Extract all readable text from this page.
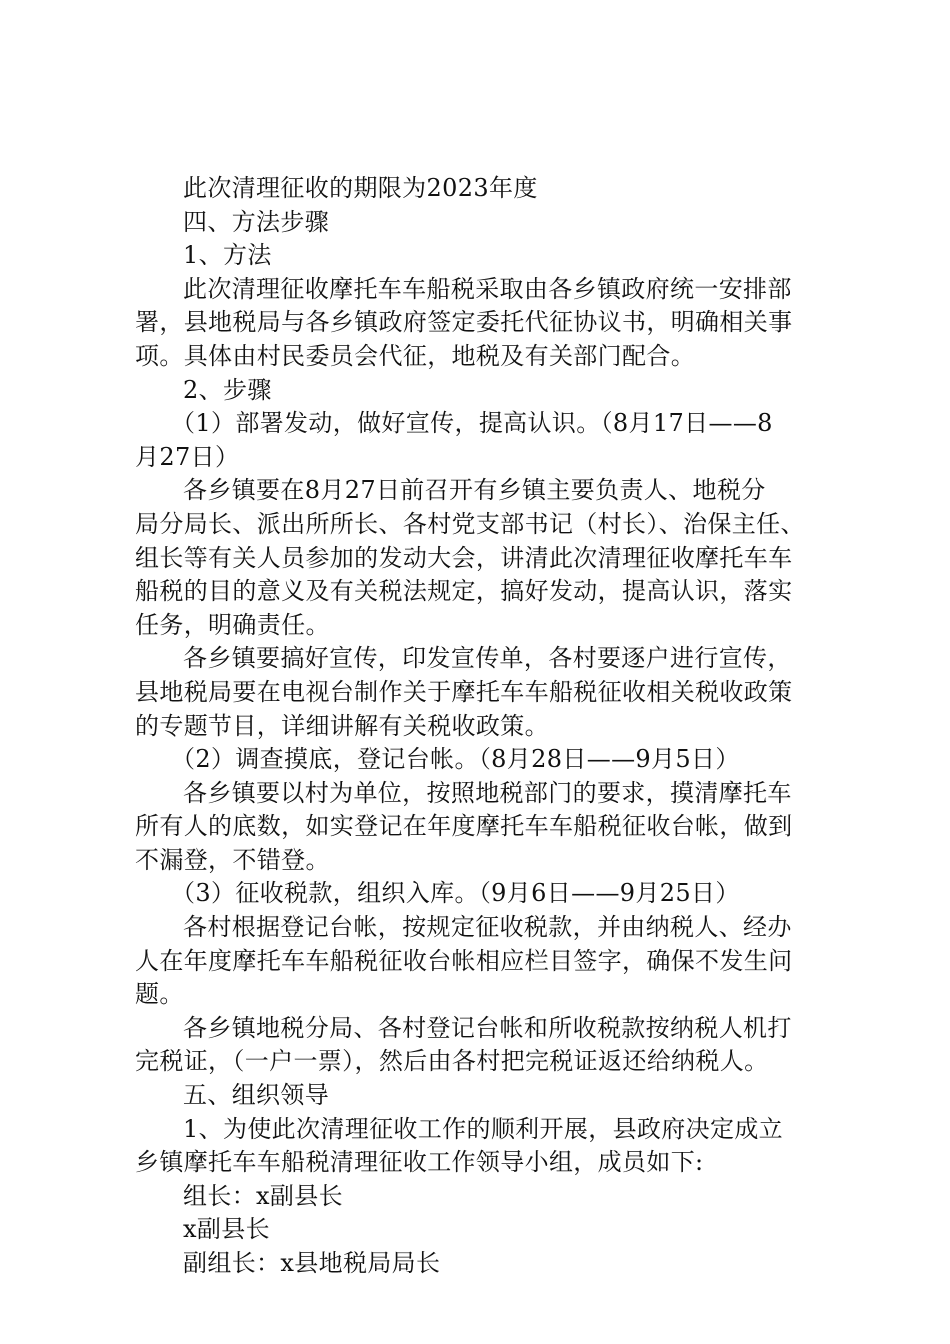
此次清理征收的期限为2023年度
四、方法步骤
1、方法
此次清理征收摩托车车船税采取由各乡镇政府统一安排部
署，县地税局与各乡镇政府签定委托代征协议书，明确相关事
项。具体由村民委员会代征，地税及有关部门配合。
2、步骤
（1）部署发动，做好宣传，提高认识。（8月17日——8
月27日）
各乡镇要在8月27日前召开有乡镇主要负责人、地税分
局分局长、派出所所长、各村党支部书记（村长）、治保主任、
组长等有关人员参加的发动大会，讲清此次清理征收摩托车车
船税的目的意义及有关税法规定，搞好发动，提高认识，落实
任务，明确责任。
各乡镇要搞好宣传，印发宣传单，各村要逐户进行宣传，
县地税局要在电视台制作关于摩托车车船税征收相关税收政策
的专题节目，详细讲解有关税收政策。
（2）调查摸底，登记台帐。（8月28日——9月5日）
各乡镇要以村为单位，按照地税部门的要求，摸清摩托车
所有人的底数，如实登记在年度摩托车车船税征收台帐，做到
不漏登，不错登。
（3）征收税款，组织入库。（9月6日——9月25日）
各村根据登记台帐，按规定征收税款，并由纳税人、经办
人在年度摩托车车船税征收台帐相应栏目签字，确保不发生问
题。
各乡镇地税分局、各村登记台帐和所收税款按纳税人机打
完税证，（一户一票），然后由各村把完税证返还给纳税人。
五、组织领导
1、为使此次清理征收工作的顺利开展，县政府决定成立
乡镇摩托车车船税清理征收工作领导小组，成员如下:
组长：x副县长
x副县长
副组长：x县地税局局长
